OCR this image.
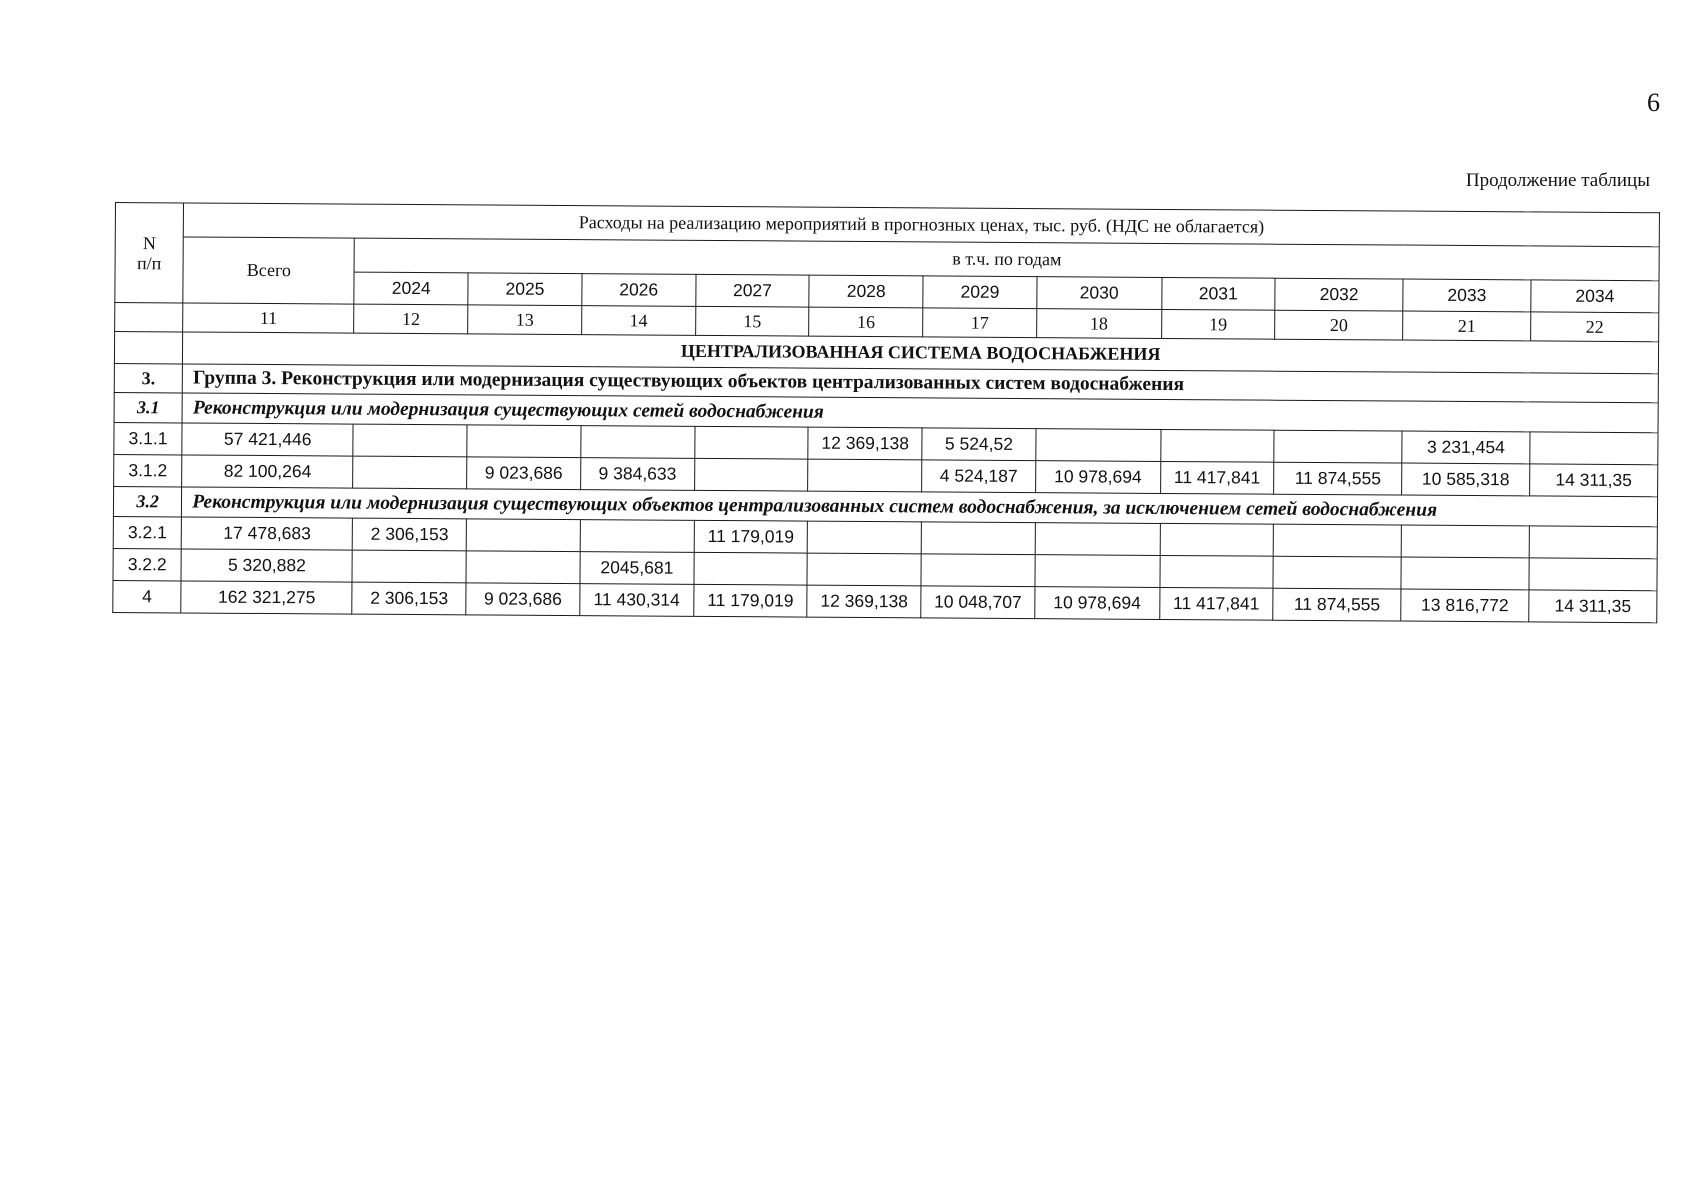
6
Продолжение таблицы
N
п/п	Расходы на реализацию мероприятий в прогнозных ценах, тыс. руб. (НДС не облагается)											
	Всего	в т.ч. по годам										
		2024	2025	2026	2027	2028	2029	2030	2031	2032	2033	2034
	11	12	13	14	15	16	17	18	19	20	21	22
	ЦЕНТРАЛИЗОВАННАЯ СИСТЕМА ВОДОСНАБЖЕНИЯ											
3.	Группа 3. Реконструкция или модернизация существующих объектов централизованных систем водоснабжения											
3.1	Реконструкция или модернизация существующих сетей водоснабжения											
3.1.1	57 421,446					12 369,138	5 524,52				3 231,454	
3.1.2	82 100,264		9 023,686	9 384,633			4 524,187	10 978,694	11 417,841	11 874,555	10 585,318	14 311,35
3.2	Реконструкция или модернизация существующих объектов централизованных систем водоснабжения, за исключением сетей водоснабжения											
3.2.1	17 478,683	2 306,153			11 179,019							
3.2.2	5 320,882			2045,681								
4	162 321,275	2 306,153	9 023,686	11 430,314	11 179,019	12 369,138	10 048,707	10 978,694	11 417,841	11 874,555	13 816,772	14 311,35
